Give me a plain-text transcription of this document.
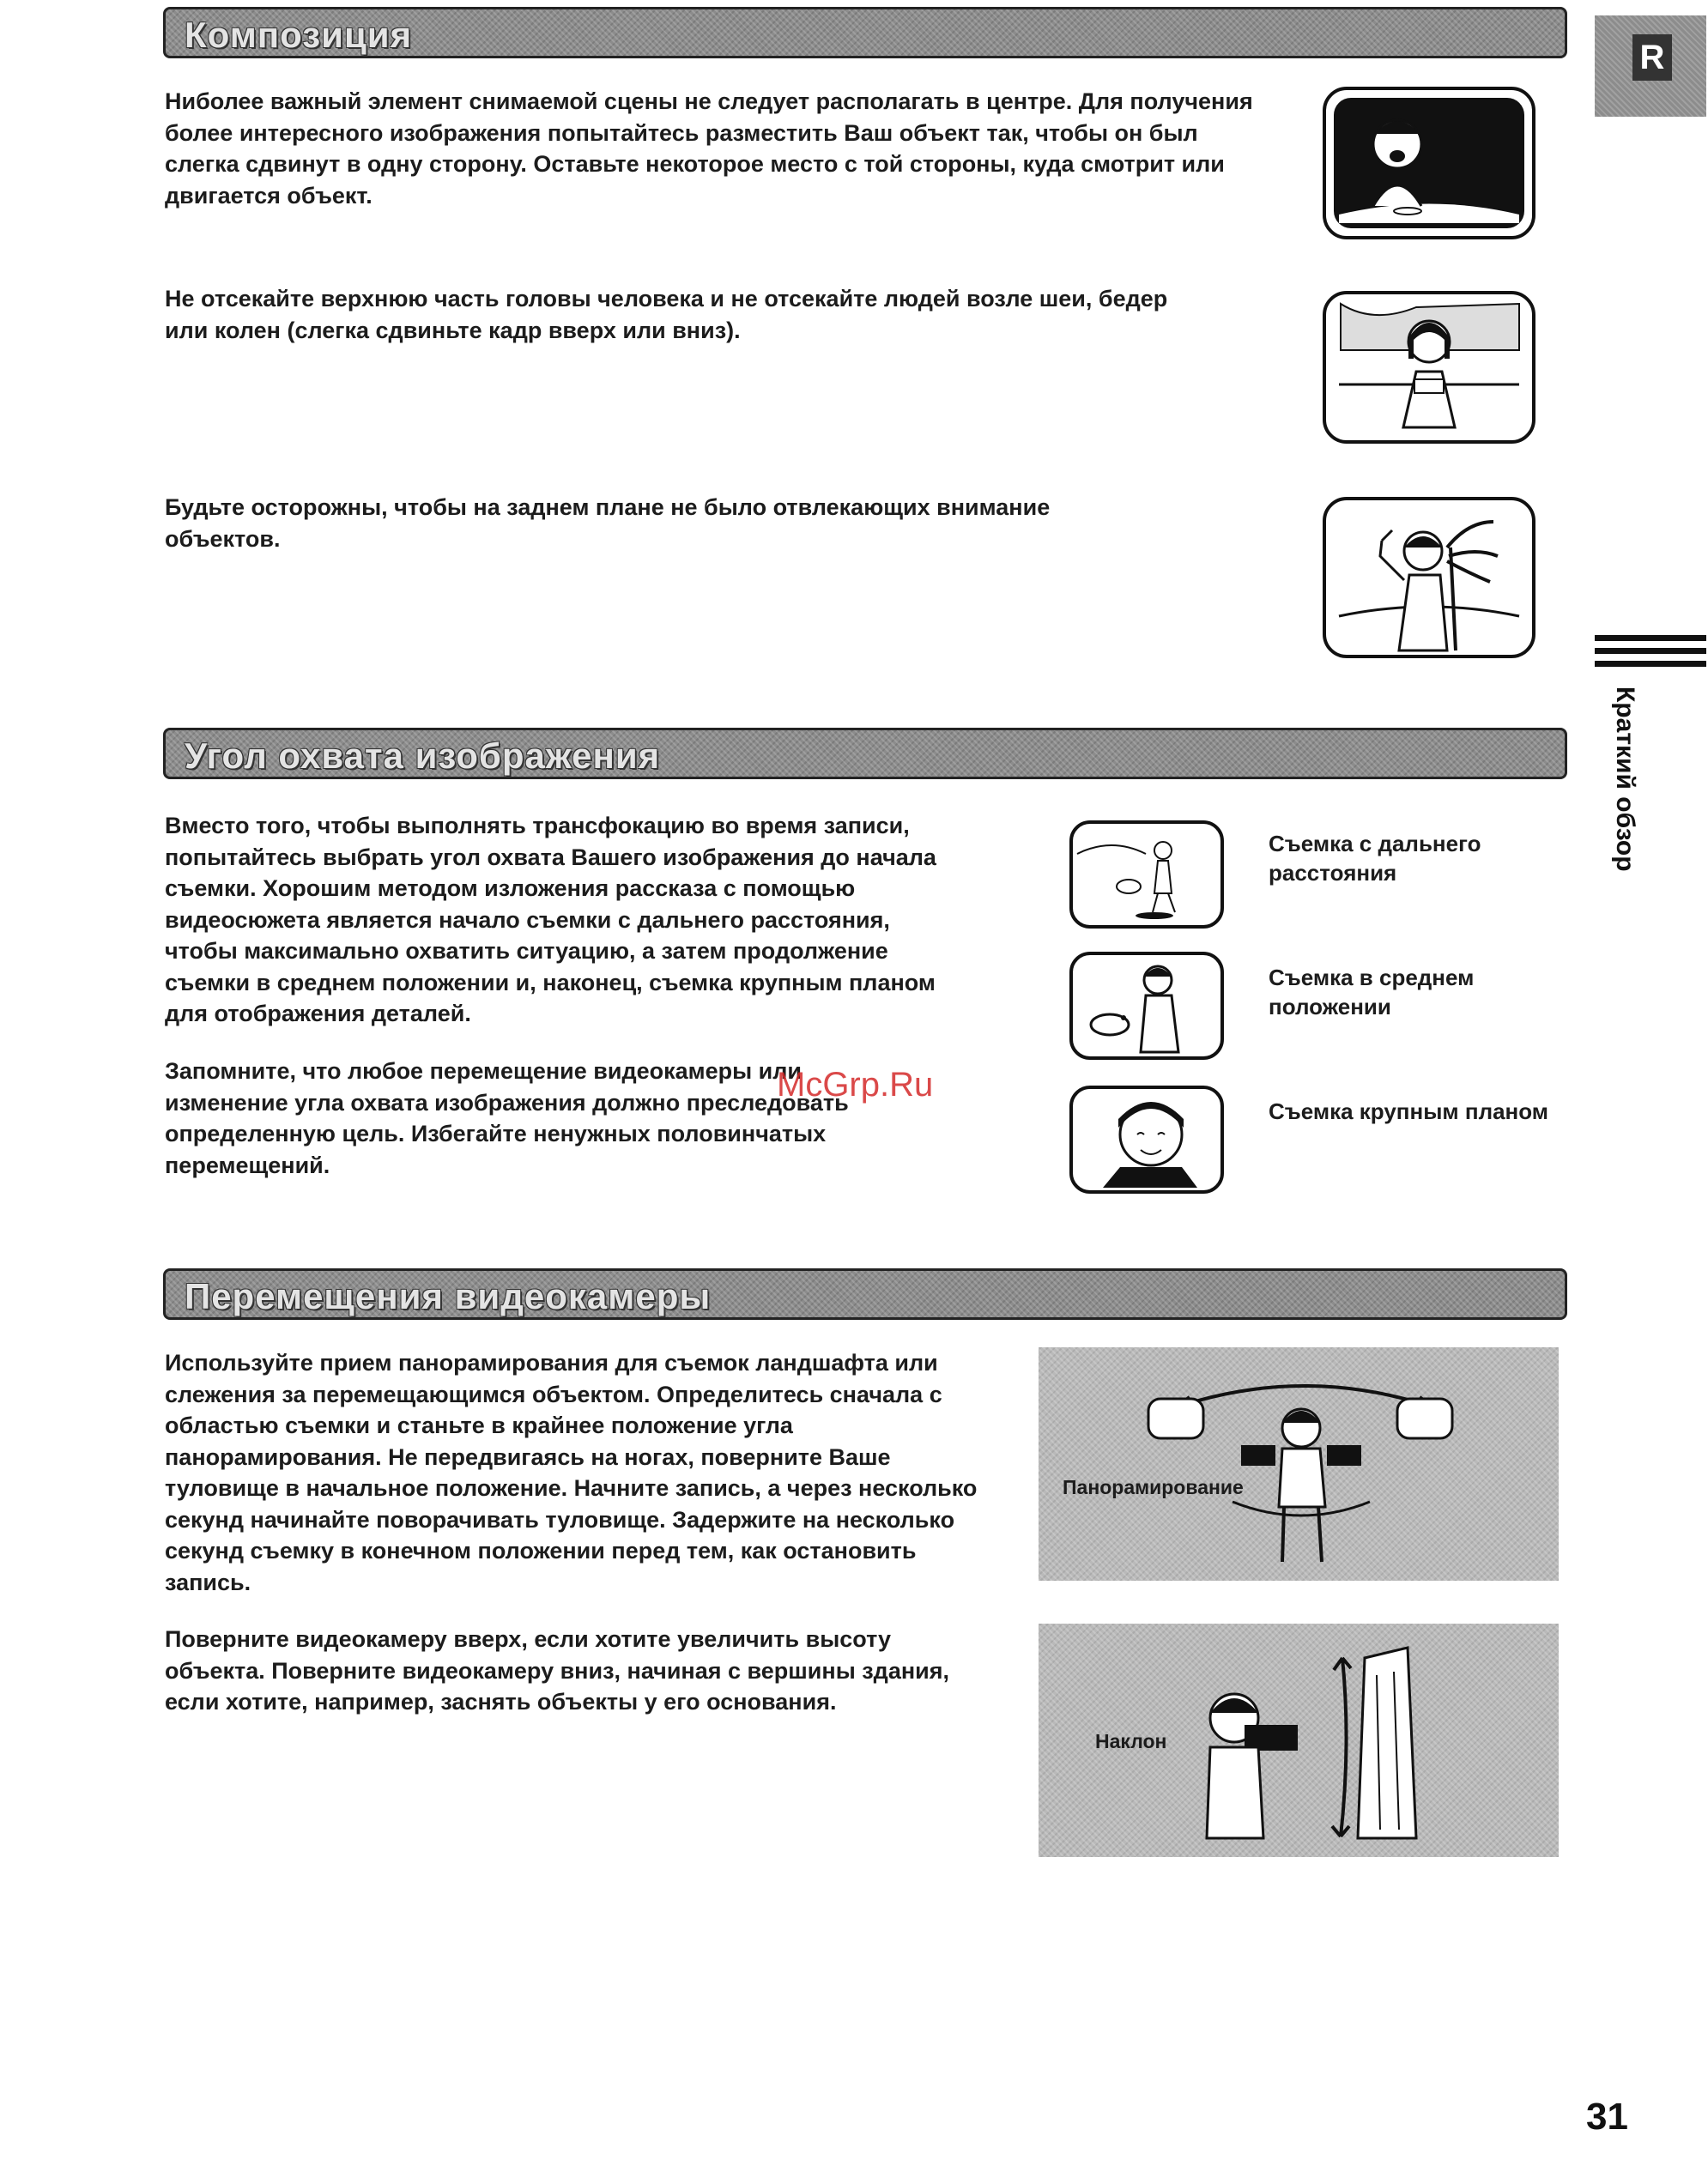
R
Краткий обзор
Композиция

Ниболее важный элемент снимаемой сцены не следует располагать в центре. Для получения более интересного изображения попытайтесь разместить Ваш объект так, чтобы он был слегка сдвинут в одну сторону. Оставьте некоторое место с той стороны, куда смотрит или двигается объект.

Не отсекайте верхнюю часть головы человека и не отсекайте людей возле шеи, бедер или колен (слегка сдвиньте кадр вверх или вниз).

Будьте осторожны, чтобы на заднем плане не было отвлекающих внимание объектов.

Угол охвата изображения

Вместо того, чтобы выполнять трансфокацию во время записи, попытайтесь выбрать угол охвата Вашего изображения до начала съемки. Хорошим методом изложения рассказа с помощью видеосюжета является начало съемки с дальнего расстояния, чтобы максимально охватить ситуацию, а затем продолжение съемки в среднем положении и, наконец, съемка крупным планом для отображения деталей.

Запомните, что любое перемещение видеокамеры или изменение угла охвата изображения должно преследовать определенную цель. Избегайте ненужных половинчатых перемещений.

Съемка с дальнего расстояния
Съемка в среднем положении
Съемка крупным планом
McGrp.Ru
Перемещения видеокамеры

Используйте прием панорамирования для съемок ландшафта или слежения за перемещающимся объектом. Определитесь сначала с областью съемки и станьте в крайнее положение угла панорамирования. Не передвигаясь на ногах, поверните Ваше туловище в начальное положение. Начните запись, а через несколько секунд начинайте поворачивать туловище. Задержите на несколько секунд съемку в конечном положении перед тем, как остановить запись.

Поверните видеокамеру вверх, если хотите увеличить высоту объекта. Поверните видеокамеру вниз, начиная с вершины здания, если хотите, например, заснять объекты у его основания.

Панорамирование
Наклон
31
